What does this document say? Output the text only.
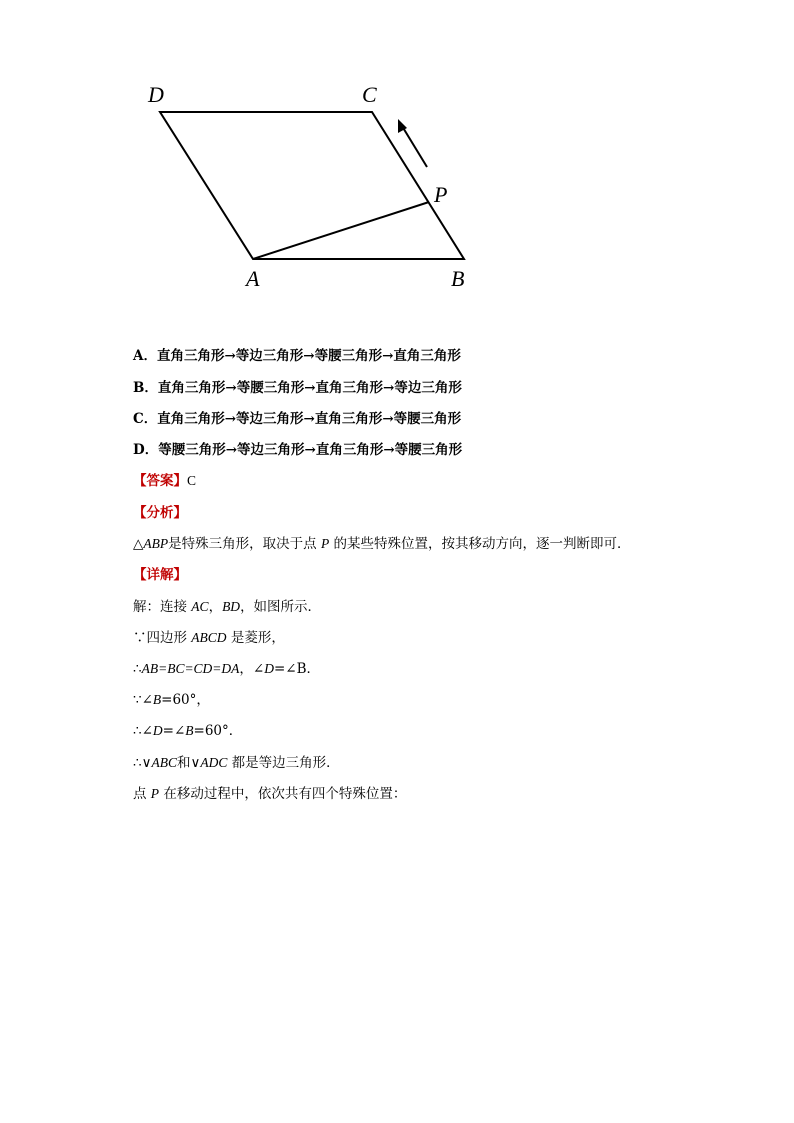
D	C
P
A	B
A．直角三角形→等边三角形→等腰三角形→直角三角形
B．直角三角形→等腰三角形→直角三角形→等边三角形
C．直角三角形→等边三角形→直角三角形→等腰三角形
D．等腰三角形→等边三角形→直角三角形→等腰三角形
【答案】C
【分析】
△ABP是特殊三角形，取决于点 P 的某些特殊位置，按其移动方向，逐一判断即可．
【详解】
解：连接 AC，BD，如图所示．
∵四边形 ABCD 是菱形，
∴AB=BC=CD=DA，∠D=∠B．
∵∠B=60°，
∴∠D=∠B=60°．
∴∨ABC和∨ADC 都是等边三角形．
点 P 在移动过程中，依次共有四个特殊位置：
